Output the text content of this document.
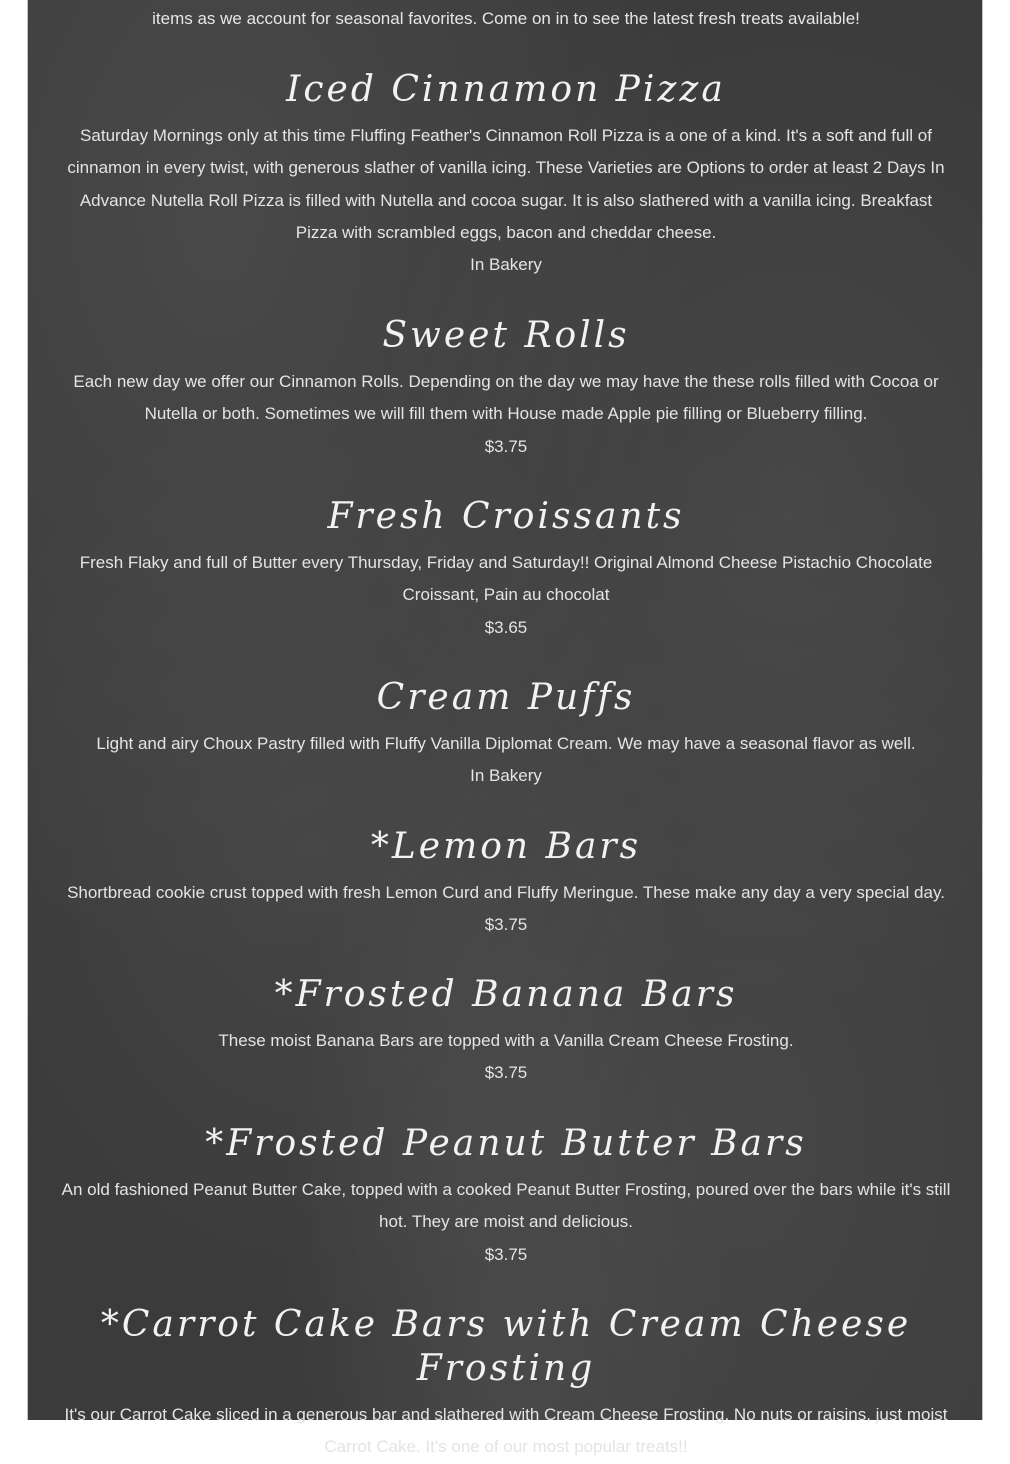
items as we account for seasonal favorites. Come on in to see the latest fresh treats available!
Iced Cinnamon Pizza

Saturday Mornings only at this time Fluffing Feather's Cinnamon Roll Pizza is a one of a kind. It's a soft and full of cinnamon in every twist, with generous slather of vanilla icing. These Varieties are Options to order at least 2 Days In Advance Nutella Roll Pizza is filled with Nutella and cocoa sugar. It is also slathered with a vanilla icing. Breakfast Pizza with scrambled eggs, bacon and cheddar cheese.

In Bakery

Sweet Rolls

Each new day we offer our Cinnamon Rolls. Depending on the day we may have the these rolls filled with Cocoa or Nutella or both. Sometimes we will fill them with House made Apple pie filling or Blueberry filling.

$3.75

Fresh Croissants

Fresh Flaky and full of Butter every Thursday, Friday and Saturday!! Original Almond Cheese Pistachio Chocolate Croissant, Pain au chocolat

$3.65

Cream Puffs

Light and airy Choux Pastry filled with Fluffy Vanilla Diplomat Cream. We may have a seasonal flavor as well.

In Bakery

*Lemon Bars

Shortbread cookie crust topped with fresh Lemon Curd and Fluffy Meringue. These make any day a very special day.

$3.75

*Frosted Banana Bars

These moist Banana Bars are topped with a Vanilla Cream Cheese Frosting.

$3.75

*Frosted Peanut Butter Bars

An old fashioned Peanut Butter Cake, topped with a cooked Peanut Butter Frosting, poured over the bars while it's still hot. They are moist and delicious.

$3.75

*Carrot Cake Bars with Cream Cheese Frosting

It's our Carrot Cake sliced in a generous bar and slathered with Cream Cheese Frosting. No nuts or raisins, just moist Carrot Cake. It's one of our most popular treats!!
